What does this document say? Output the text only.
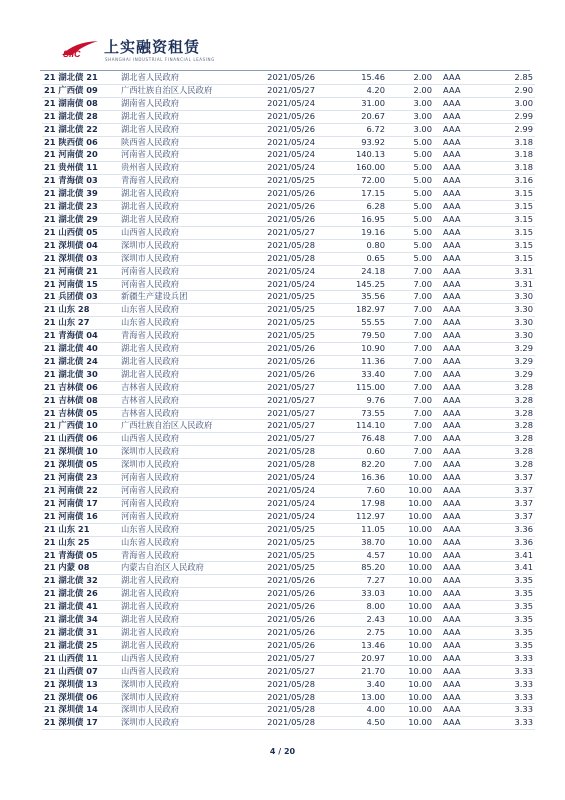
SIIC 上实融资租赁
SHANGHAI INDUSTRIAL FINANCIAL LEASING
21 湖北债 21	湖北省人民政府	2021/05/26	15.46	2.00	AAA	2.85
21 广西债 09	广西壮族自治区人民政府	2021/05/27	4.20	2.00	AAA	2.90
21 湖南债 08	湖南省人民政府	2021/05/24	31.00	3.00	AAA	3.00
21 湖北债 28	湖北省人民政府	2021/05/26	20.67	3.00	AAA	2.99
21 湖北债 22	湖北省人民政府	2021/05/26	6.72	3.00	AAA	2.99
21 陕西债 06	陕西省人民政府	2021/05/24	93.92	5.00	AAA	3.18
21 河南债 20	河南省人民政府	2021/05/24	140.13	5.00	AAA	3.18
21 贵州债 11	贵州省人民政府	2021/05/24	160.00	5.00	AAA	3.18
21 青海债 03	青海省人民政府	2021/05/25	72.00	5.00	AAA	3.16
21 湖北债 39	湖北省人民政府	2021/05/26	17.15	5.00	AAA	3.15
21 湖北债 23	湖北省人民政府	2021/05/26	6.28	5.00	AAA	3.15
21 湖北债 29	湖北省人民政府	2021/05/26	16.95	5.00	AAA	3.15
21 山西债 05	山西省人民政府	2021/05/27	19.16	5.00	AAA	3.15
21 深圳债 04	深圳市人民政府	2021/05/28	0.80	5.00	AAA	3.15
21 深圳债 03	深圳市人民政府	2021/05/28	0.65	5.00	AAA	3.15
21 河南债 21	河南省人民政府	2021/05/24	24.18	7.00	AAA	3.31
21 河南债 15	河南省人民政府	2021/05/24	145.25	7.00	AAA	3.31
21 兵团债 03	新疆生产建设兵团	2021/05/25	35.56	7.00	AAA	3.30
21 山东 28	山东省人民政府	2021/05/25	182.97	7.00	AAA	3.30
21 山东 27	山东省人民政府	2021/05/25	55.55	7.00	AAA	3.30
21 青海债 04	青海省人民政府	2021/05/25	79.50	7.00	AAA	3.30
21 湖北债 40	湖北省人民政府	2021/05/26	10.90	7.00	AAA	3.29
21 湖北债 24	湖北省人民政府	2021/05/26	11.36	7.00	AAA	3.29
21 湖北债 30	湖北省人民政府	2021/05/26	33.40	7.00	AAA	3.29
21 吉林债 06	吉林省人民政府	2021/05/27	115.00	7.00	AAA	3.28
21 吉林债 08	吉林省人民政府	2021/05/27	9.76	7.00	AAA	3.28
21 吉林债 05	吉林省人民政府	2021/05/27	73.55	7.00	AAA	3.28
21 广西债 10	广西壮族自治区人民政府	2021/05/27	114.10	7.00	AAA	3.28
21 山西债 06	山西省人民政府	2021/05/27	76.48	7.00	AAA	3.28
21 深圳债 10	深圳市人民政府	2021/05/28	0.60	7.00	AAA	3.28
21 深圳债 05	深圳市人民政府	2021/05/28	82.20	7.00	AAA	3.28
21 河南债 23	河南省人民政府	2021/05/24	16.36	10.00	AAA	3.37
21 河南债 22	河南省人民政府	2021/05/24	7.60	10.00	AAA	3.37
21 河南债 17	河南省人民政府	2021/05/24	17.98	10.00	AAA	3.37
21 河南债 16	河南省人民政府	2021/05/24	112.97	10.00	AAA	3.37
21 山东 21	山东省人民政府	2021/05/25	11.05	10.00	AAA	3.36
21 山东 25	山东省人民政府	2021/05/25	38.70	10.00	AAA	3.36
21 青海债 05	青海省人民政府	2021/05/25	4.57	10.00	AAA	3.41
21 内蒙 08	内蒙古自治区人民政府	2021/05/25	85.20	10.00	AAA	3.41
21 湖北债 32	湖北省人民政府	2021/05/26	7.27	10.00	AAA	3.35
21 湖北债 26	湖北省人民政府	2021/05/26	33.03	10.00	AAA	3.35
21 湖北债 41	湖北省人民政府	2021/05/26	8.00	10.00	AAA	3.35
21 湖北债 34	湖北省人民政府	2021/05/26	2.43	10.00	AAA	3.35
21 湖北债 31	湖北省人民政府	2021/05/26	2.75	10.00	AAA	3.35
21 湖北债 25	湖北省人民政府	2021/05/26	13.46	10.00	AAA	3.35
21 山西债 11	山西省人民政府	2021/05/27	20.97	10.00	AAA	3.33
21 山西债 07	山西省人民政府	2021/05/27	21.70	10.00	AAA	3.33
21 深圳债 13	深圳市人民政府	2021/05/28	3.40	10.00	AAA	3.33
21 深圳债 06	深圳市人民政府	2021/05/28	13.00	10.00	AAA	3.33
21 深圳债 14	深圳市人民政府	2021/05/28	4.00	10.00	AAA	3.33
21 深圳债 17	深圳市人民政府	2021/05/28	4.50	10.00	AAA	3.33
4 / 20
